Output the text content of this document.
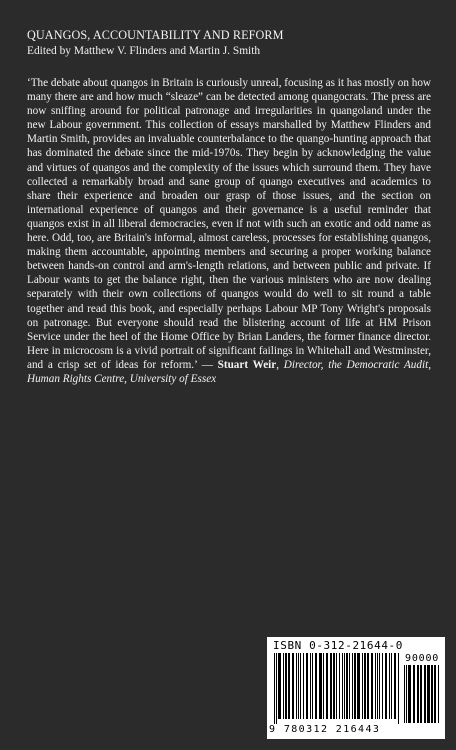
QUANGOS, ACCOUNTABILITY AND REFORM

Edited by Matthew V. Flinders and Martin J. Smith

‘The debate about quangos in Britain is curiously unreal, focusing as it has mostly on how many there are and how much “sleaze” can be detected among quangocrats. The press are now sniffing around for political patronage and irregularities in quangoland under the new Labour government. This collection of essays marshalled by Matthew Flinders and Martin Smith, provides an invaluable counterbalance to the quango-hunting approach that has dominated the debate since the mid-1970s. They begin by acknowledging the value and virtues of quangos and the complexity of the issues which surround them. They have collected a remarkably broad and sane group of quango executives and academics to share their experience and broaden our grasp of those issues, and the section on international experience of quangos and their governance is a useful reminder that quangos exist in all liberal democracies, even if not with such an exotic and odd name as here. Odd, too, are Britain's informal, almost careless, processes for establishing quangos, making them accountable, appointing members and securing a proper working balance between hands-on control and arm's-length relations, and between public and private. If Labour wants to get the balance right, then the various ministers who are now dealing separately with their own collections of quangos would do well to sit round a table together and read this book, and especially perhaps Labour MP Tony Wright's proposals on patronage. But everyone should read the blistering account of life at HM Prison Service under the heel of the Home Office by Brian Landers, the former finance director. Here in microcosm is a vivid portrait of significant failings in Whitehall and Westminster, and a crisp set of ideas for reform.’ — Stuart Weir, Director, the Democratic Audit, Human Rights Centre, University of Essex

ISBN 0-312-21644-0
9 780312 216443
90000
